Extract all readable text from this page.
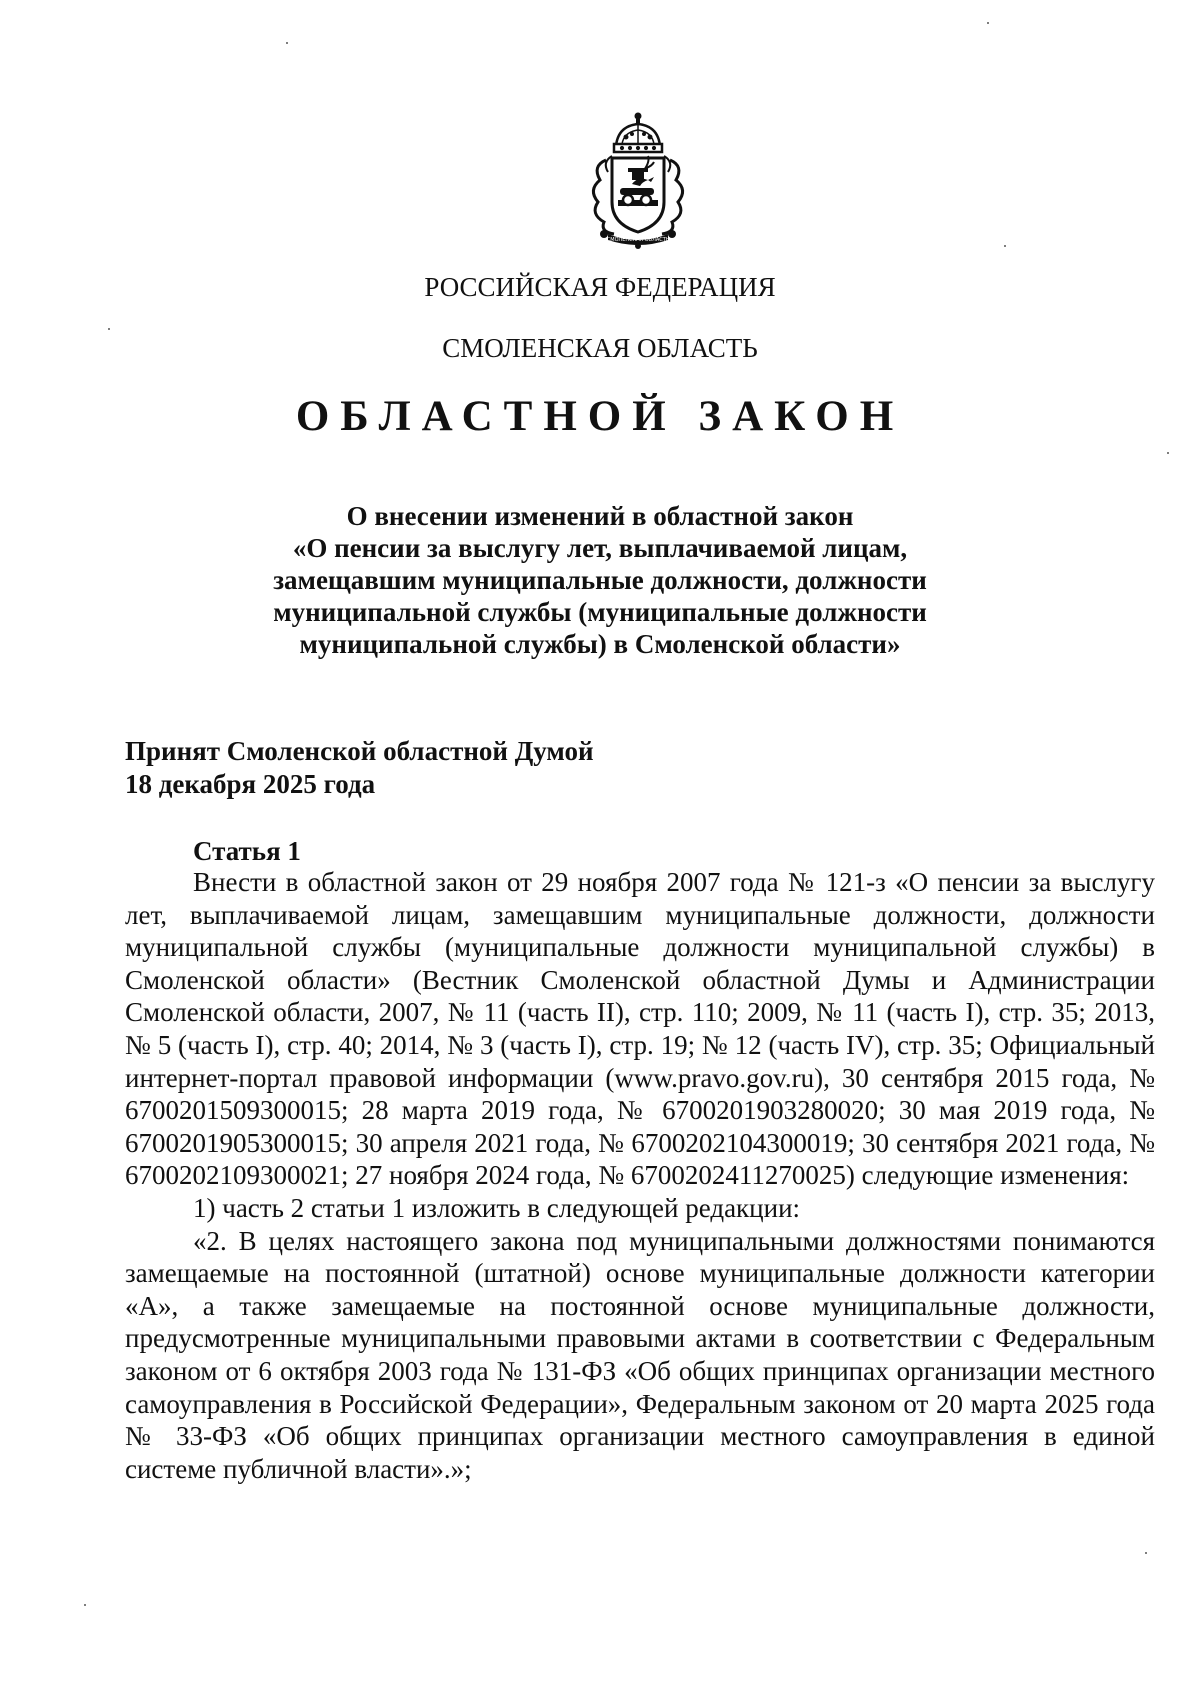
СМОЛЕНСКАЯ ОБЛАСТЬ
РОССИЙСКАЯ ФЕДЕРАЦИЯ
СМОЛЕНСКАЯ ОБЛАСТЬ
ОБЛАСТНОЙ ЗАКОН
О внесении изменений в областной закон
«О пенсии за выслугу лет, выплачиваемой лицам,
замещавшим муниципальные должности, должности
муниципальной службы (муниципальные должности
муниципальной службы) в Смоленской области»
Принят Смоленской областной Думой
18 декабря 2025 года
Статья 1

Внести в областной закон от 29 ноября 2007 года № 121-з «О пенсии за выслугу лет, выплачиваемой лицам, замещавшим муниципальные должности, должности муниципальной службы (муниципальные должности муниципальной службы) в Смоленской области» (Вестник Смоленской областной Думы и Администрации Смоленской области, 2007, № 11 (часть II), стр. 110; 2009, № 11 (часть I), стр. 35; 2013, № 5 (часть I), стр. 40; 2014, № 3 (часть I), стр. 19; № 12 (часть IV), стр. 35; Официальный интернет-портал правовой информации (www.pravo.gov.ru), 30 сентября 2015 года, № 6700201509300015; 28 марта 2019 года, № 6700201903280020; 30 мая 2019 года, № 6700201905300015; 30 апреля 2021 года, № 6700202104300019; 30 сентября 2021 года, № 6700202109300021; 27 ноября 2024 года, № 6700202411270025) следующие изменения:

1) часть 2 статьи 1 изложить в следующей редакции:

«2. В целях настоящего закона под муниципальными должностями понимаются замещаемые на постоянной (штатной) основе муниципальные должности категории «А», а также замещаемые на постоянной основе муниципальные должности, предусмотренные муниципальными правовыми актами в соответствии с Федеральным законом от 6 октября 2003 года № 131-ФЗ «Об общих принципах организации местного самоуправления в Российской Федерации», Федеральным законом от 20 марта 2025 года № 33-ФЗ «Об общих принципах организации местного самоуправления в единой системе публичной власти».»;
